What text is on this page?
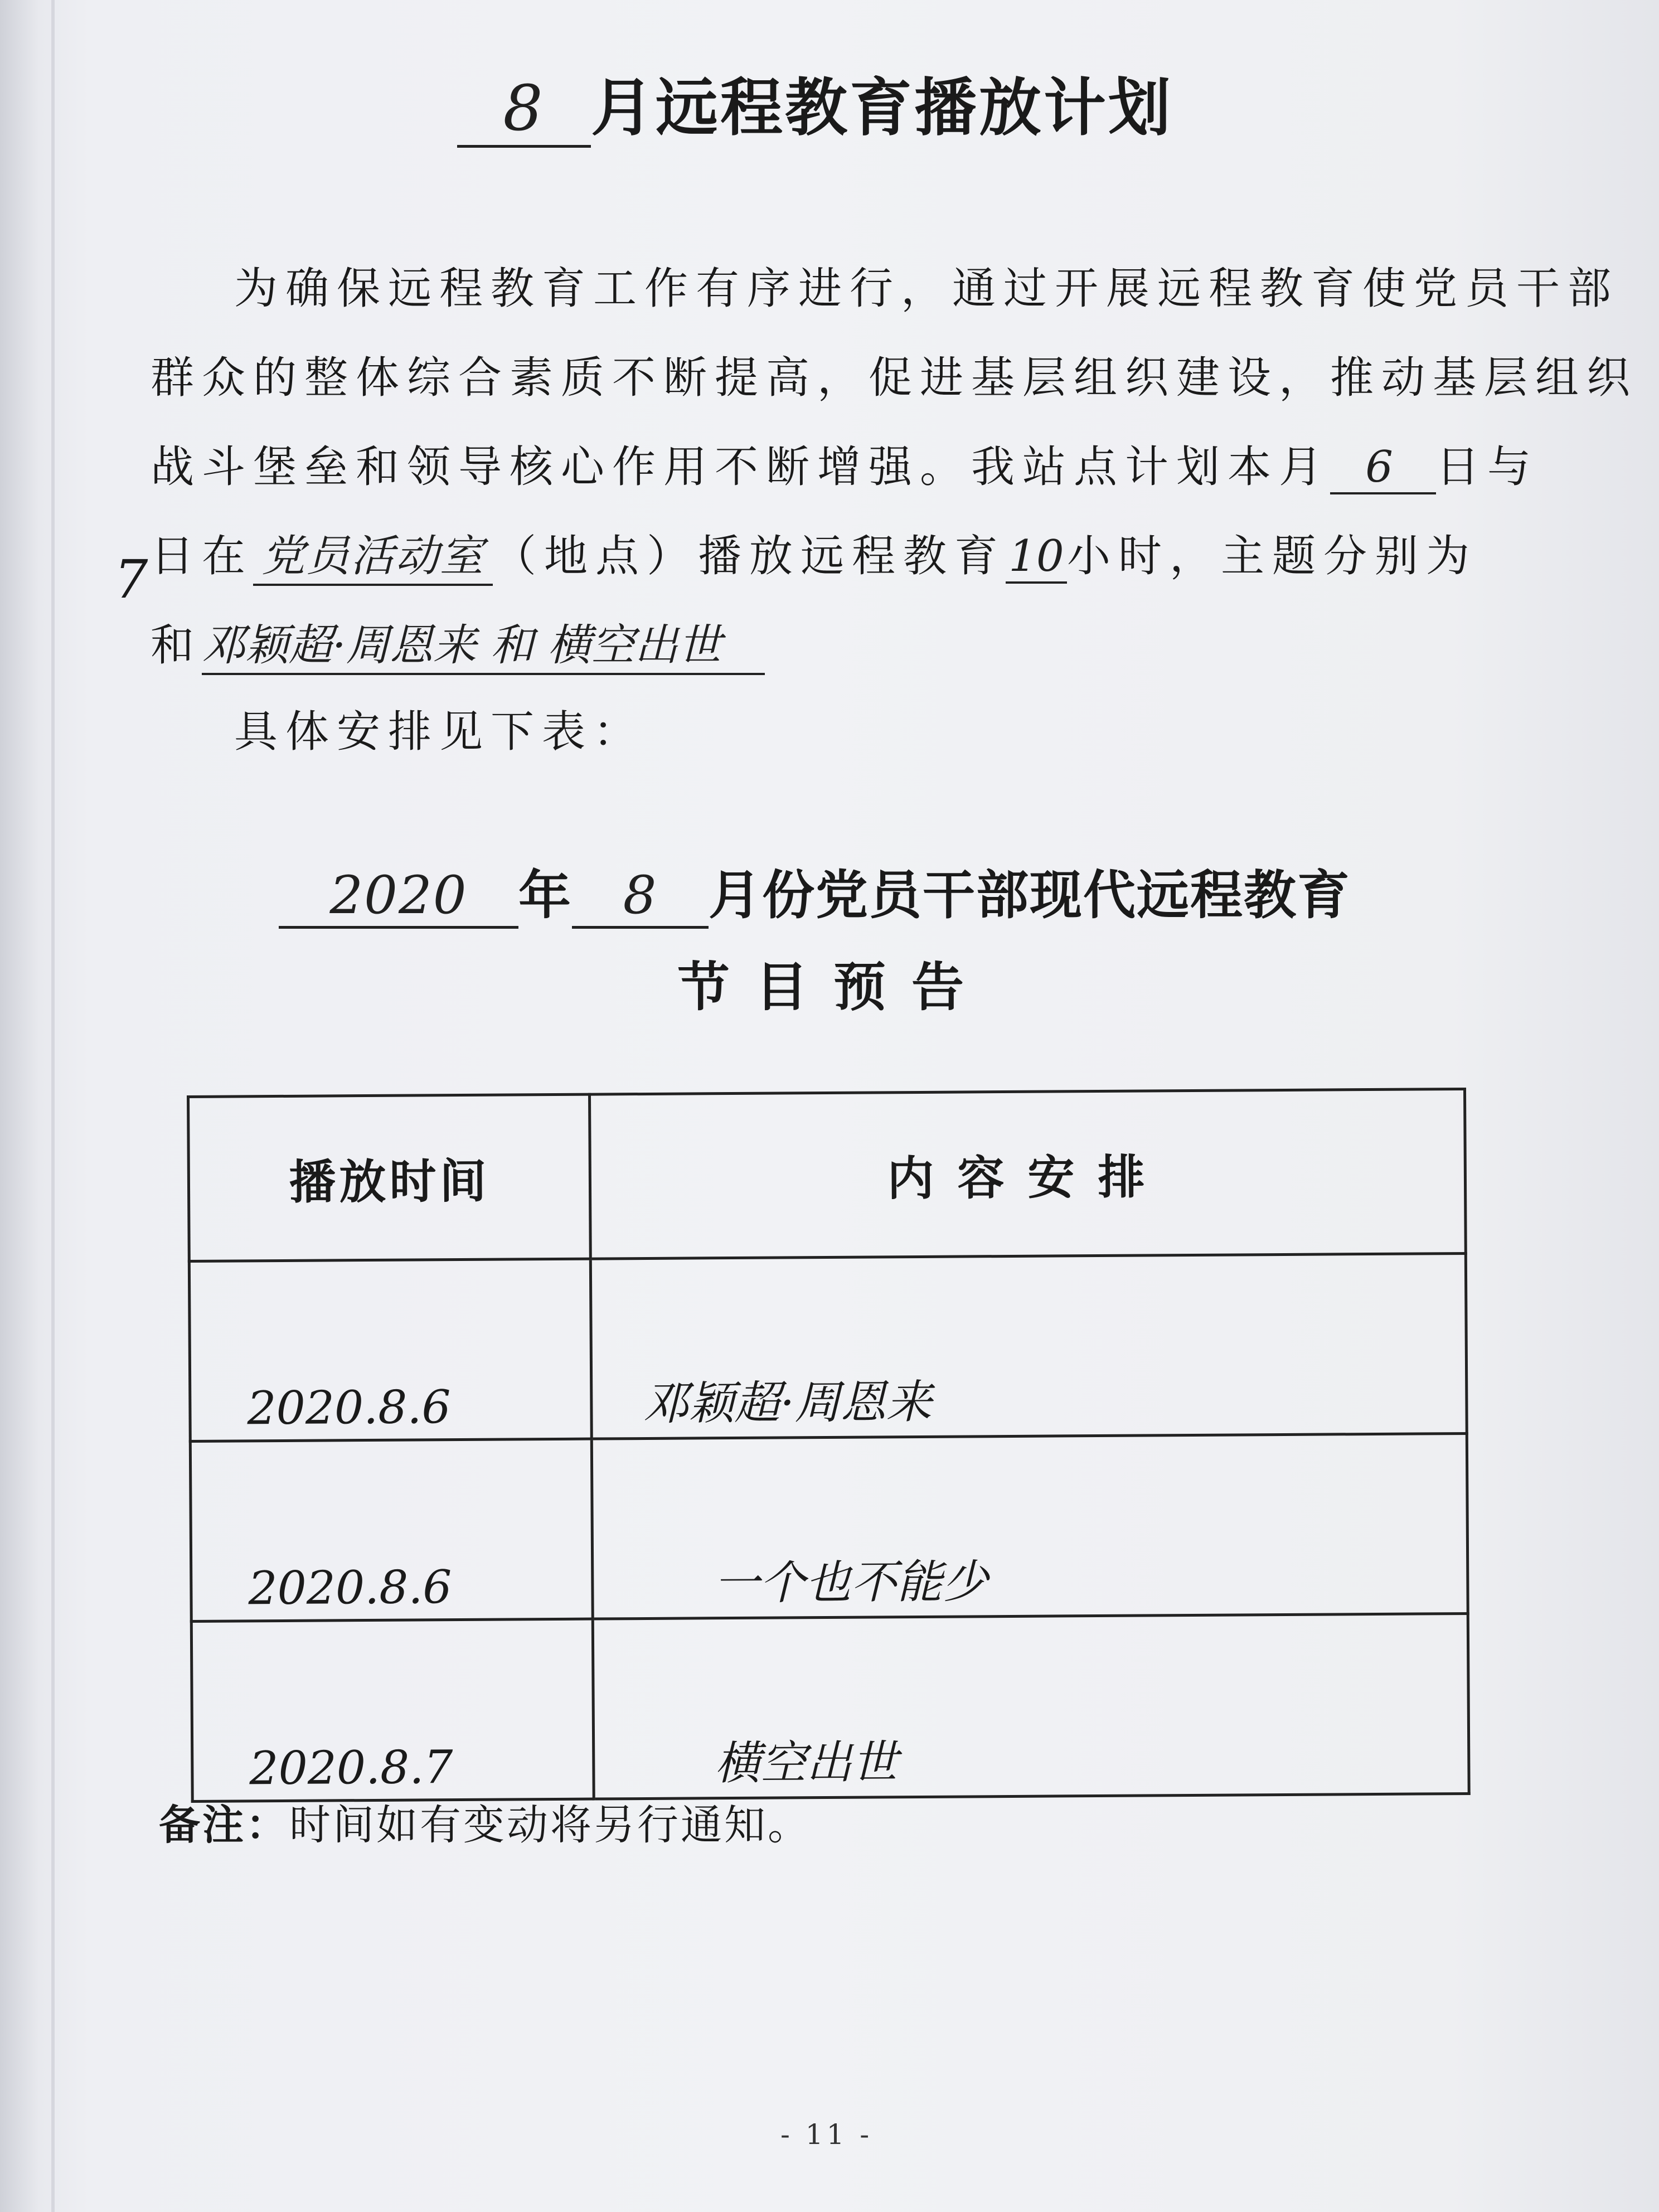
8 月远程教育播放计划
为确保远程教育工作有序进行，通过开展远程教育使党员干部
群众的整体综合素质不断提高，促进基层组织建设，推动基层组织
战斗堡垒和领导核心作用不断增强。我站点计划本月 6 日与
7 日在 党员活动室 （地点）播放远程教育10小时，主题分别为
和邓颖超·周恩来 和 横空出世
具体安排见下表：
2020 年 8 月份党员干部现代远程教育
节目预告
播放时间	内容安排
2020.8.6	邓颖超·周恩来
2020.8.6	一个也不能少
2020.8.7	横空出世
备注：时间如有变动将另行通知。
- 11 -
